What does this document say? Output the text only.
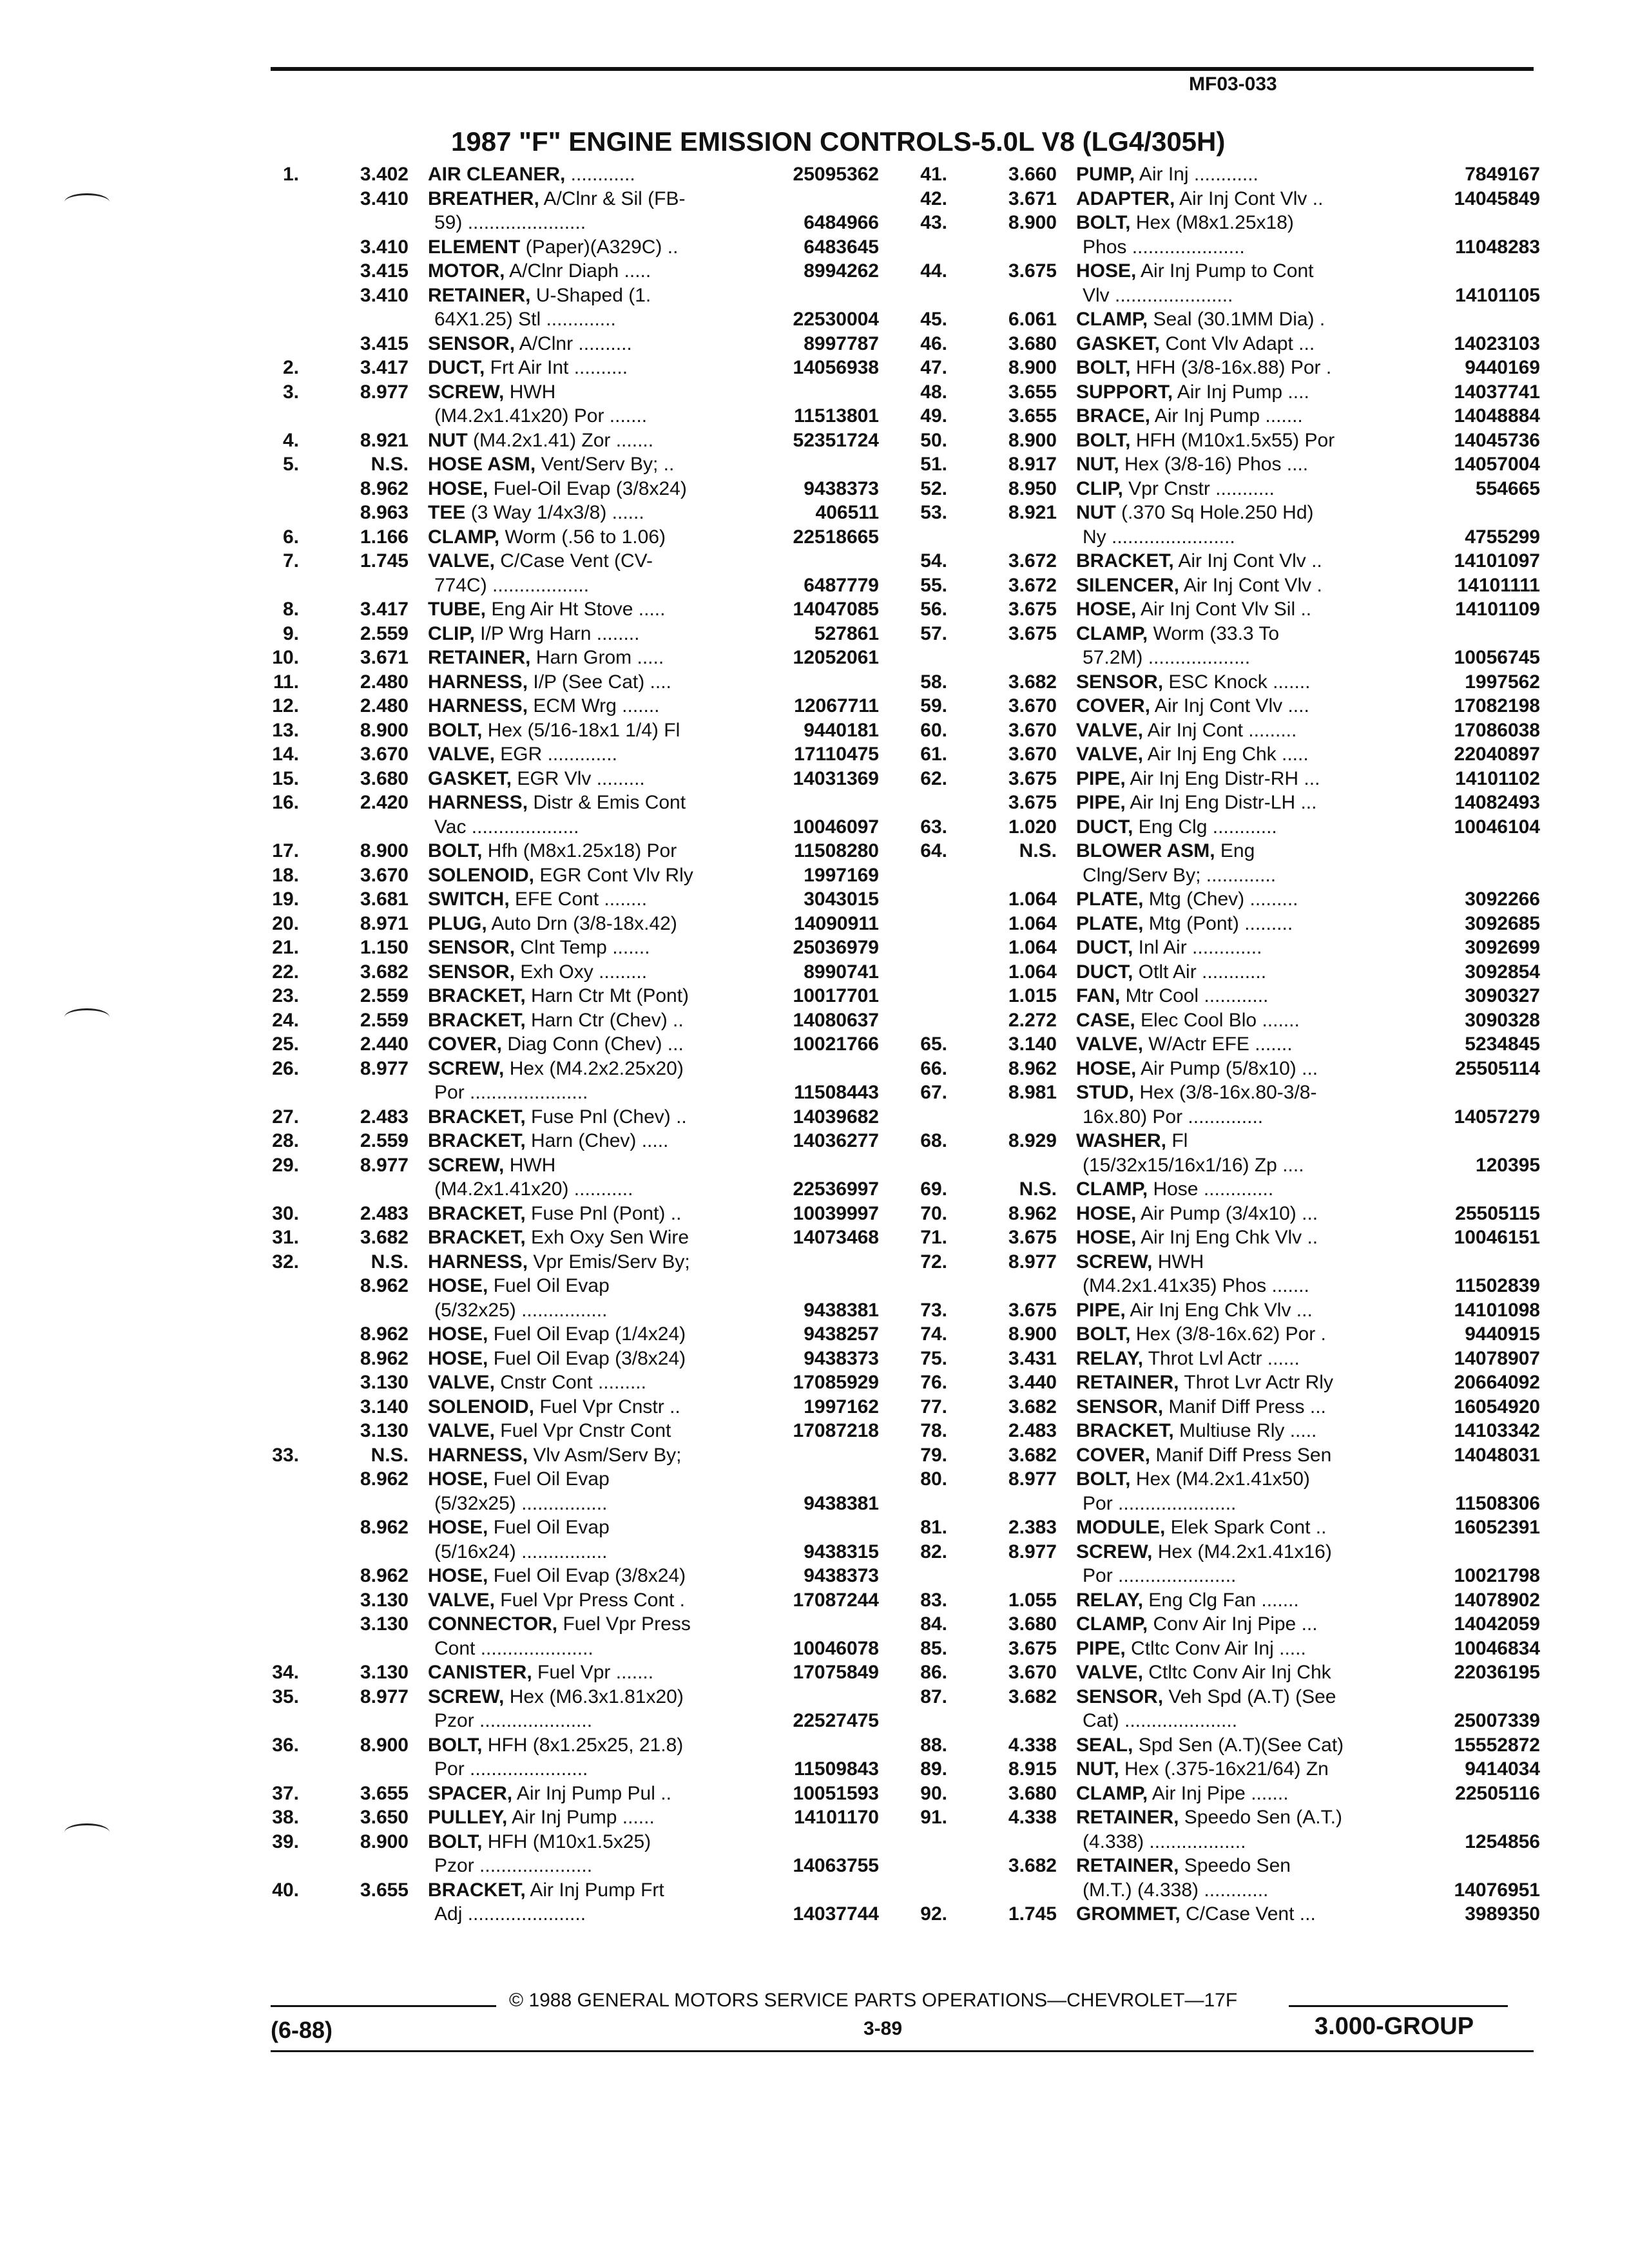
MF03-033
1987 "F" ENGINE EMISSION CONTROLS-5.0L V8 (LG4/305H)
1.	3.402 AIR CLEANER, ............	25095362
3.410 BREATHER, A/Clnr & Sil (FB-
59) ......................	6484966
3.410 ELEMENT (Paper)(A329C) ..	6483645
3.415 MOTOR, A/Clnr Diaph .....	8994262
3.410 RETAINER, U-Shaped (1.
64X1.25) Stl .............	22530004
3.415 SENSOR, A/Clnr ..........	8997787
2.	3.417 DUCT, Frt Air Int ..........	14056938
3.	8.977 SCREW, HWH
(M4.2x1.41x20) Por .......	11513801
4.	8.921 NUT (M4.2x1.41) Zor .......	52351724
5.	N.S. HOSE ASM, Vent/Serv By; ..
8.962 HOSE, Fuel-Oil Evap (3/8x24)	9438373
8.963 TEE (3 Way 1/4x3/8) ......	406511
6.	1.166 CLAMP, Worm (.56 to 1.06)	22518665
7.	1.745 VALVE, C/Case Vent (CV-
774C) ..................	6487779
8.	3.417 TUBE, Eng Air Ht Stove .....	14047085
9.	2.559 CLIP, I/P Wrg Harn ........	527861
10.	3.671 RETAINER, Harn Grom .....	12052061
11.	2.480 HARNESS, I/P (See Cat) ....
12.	2.480 HARNESS, ECM Wrg .......	12067711
13.	8.900 BOLT, Hex (5/16-18x1 1/4) Fl	9440181
14.	3.670 VALVE, EGR .............	17110475
15.	3.680 GASKET, EGR Vlv .........	14031369
16.	2.420 HARNESS, Distr & Emis Cont
Vac ....................	10046097
17.	8.900 BOLT, Hfh (M8x1.25x18) Por	11508280
18.	3.670 SOLENOID, EGR Cont Vlv Rly	1997169
19.	3.681 SWITCH, EFE Cont ........	3043015
20.	8.971 PLUG, Auto Drn (3/8-18x.42)	14090911
21.	1.150 SENSOR, Clnt Temp .......	25036979
22.	3.682 SENSOR, Exh Oxy .........	8990741
23.	2.559 BRACKET, Harn Ctr Mt (Pont)	10017701
24.	2.559 BRACKET, Harn Ctr (Chev) ..	14080637
25.	2.440 COVER, Diag Conn (Chev) ...	10021766
26.	8.977 SCREW, Hex (M4.2x2.25x20)
Por ......................	11508443
27.	2.483 BRACKET, Fuse Pnl (Chev) ..	14039682
28.	2.559 BRACKET, Harn (Chev) .....	14036277
29.	8.977 SCREW, HWH
(M4.2x1.41x20) ...........	22536997
30.	2.483 BRACKET, Fuse Pnl (Pont) ..	10039997
31.	3.682 BRACKET, Exh Oxy Sen Wire	14073468
32.	N.S. HARNESS, Vpr Emis/Serv By;
8.962 HOSE, Fuel Oil Evap
(5/32x25) ................	9438381
8.962 HOSE, Fuel Oil Evap (1/4x24)	9438257
8.962 HOSE, Fuel Oil Evap (3/8x24)	9438373
3.130 VALVE, Cnstr Cont .........	17085929
3.140 SOLENOID, Fuel Vpr Cnstr ..	1997162
3.130 VALVE, Fuel Vpr Cnstr Cont	17087218
33.	N.S. HARNESS, Vlv Asm/Serv By;
8.962 HOSE, Fuel Oil Evap
(5/32x25) ................	9438381
8.962 HOSE, Fuel Oil Evap
(5/16x24) ................	9438315
8.962 HOSE, Fuel Oil Evap (3/8x24)	9438373
3.130 VALVE, Fuel Vpr Press Cont .	17087244
3.130 CONNECTOR, Fuel Vpr Press
Cont .....................	10046078
34.	3.130 CANISTER, Fuel Vpr .......	17075849
35.	8.977 SCREW, Hex (M6.3x1.81x20)
Pzor .....................	22527475
36.	8.900 BOLT, HFH (8x1.25x25, 21.8)
Por ......................	11509843
37.	3.655 SPACER, Air Inj Pump Pul ..	10051593
38.	3.650 PULLEY, Air Inj Pump ......	14101170
39.	8.900 BOLT, HFH (M10x1.5x25)
Pzor .....................	14063755
40.	3.655 BRACKET, Air Inj Pump Frt
Adj ......................	14037744
41.	3.660 PUMP, Air Inj ............	7849167
42.	3.671 ADAPTER, Air Inj Cont Vlv ..	14045849
43.	8.900 BOLT, Hex (M8x1.25x18)
Phos .....................	11048283
44.	3.675 HOSE, Air Inj Pump to Cont
Vlv ......................	14101105
45.	6.061 CLAMP, Seal (30.1MM Dia) .
46.	3.680 GASKET, Cont Vlv Adapt ...	14023103
47.	8.900 BOLT, HFH (3/8-16x.88) Por .	9440169
48.	3.655 SUPPORT, Air Inj Pump ....	14037741
49.	3.655 BRACE, Air Inj Pump .......	14048884
50.	8.900 BOLT, HFH (M10x1.5x55) Por	14045736
51.	8.917 NUT, Hex (3/8-16) Phos ....	14057004
52.	8.950 CLIP, Vpr Cnstr ...........	554665
53.	8.921 NUT (.370 Sq Hole.250 Hd)
Ny .......................	4755299
54.	3.672 BRACKET, Air Inj Cont Vlv ..	14101097
55.	3.672 SILENCER, Air Inj Cont Vlv .	14101111
56.	3.675 HOSE, Air Inj Cont Vlv Sil ..	14101109
57.	3.675 CLAMP, Worm (33.3 To
57.2M) ...................	10056745
58.	3.682 SENSOR, ESC Knock .......	1997562
59.	3.670 COVER, Air Inj Cont Vlv ....	17082198
60.	3.670 VALVE, Air Inj Cont .........	17086038
61.	3.670 VALVE, Air Inj Eng Chk .....	22040897
62.	3.675 PIPE, Air Inj Eng Distr-RH ...	14101102
3.675 PIPE, Air Inj Eng Distr-LH ...	14082493
63.	1.020 DUCT, Eng Clg ............	10046104
64.	N.S. BLOWER ASM, Eng
Clng/Serv By; .............
1.064 PLATE, Mtg (Chev) .........	3092266
1.064 PLATE, Mtg (Pont) .........	3092685
1.064 DUCT, Inl Air .............	3092699
1.064 DUCT, Otlt Air ............	3092854
1.015 FAN, Mtr Cool ............	3090327
2.272 CASE, Elec Cool Blo .......	3090328
65.	3.140 VALVE, W/Actr EFE .......	5234845
66.	8.962 HOSE, Air Pump (5/8x10) ...	25505114
67.	8.981 STUD, Hex (3/8-16x.80-3/8-
16x.80) Por ..............	14057279
68.	8.929 WASHER, Fl
(15/32x15/16x1/16) Zp ....	120395
69.	N.S. CLAMP, Hose .............
70.	8.962 HOSE, Air Pump (3/4x10) ...	25505115
71.	3.675 HOSE, Air Inj Eng Chk Vlv ..	10046151
72.	8.977 SCREW, HWH
(M4.2x1.41x35) Phos .......	11502839
73.	3.675 PIPE, Air Inj Eng Chk Vlv ...	14101098
74.	8.900 BOLT, Hex (3/8-16x.62) Por .	9440915
75.	3.431 RELAY, Throt Lvl Actr ......	14078907
76.	3.440 RETAINER, Throt Lvr Actr Rly	20664092
77.	3.682 SENSOR, Manif Diff Press ...	16054920
78.	2.483 BRACKET, Multiuse Rly .....	14103342
79.	3.682 COVER, Manif Diff Press Sen	14048031
80.	8.977 BOLT, Hex (M4.2x1.41x50)
Por ......................	11508306
81.	2.383 MODULE, Elek Spark Cont ..	16052391
82.	8.977 SCREW, Hex (M4.2x1.41x16)
Por ......................	10021798
83.	1.055 RELAY, Eng Clg Fan .......	14078902
84.	3.680 CLAMP, Conv Air Inj Pipe ...	14042059
85.	3.675 PIPE, Ctltc Conv Air Inj .....	10046834
86.	3.670 VALVE, Ctltc Conv Air Inj Chk	22036195
87.	3.682 SENSOR, Veh Spd (A.T) (See
Cat) .....................	25007339
88.	4.338 SEAL, Spd Sen (A.T)(See Cat)	15552872
89.	8.915 NUT, Hex (.375-16x21/64) Zn	9414034
90.	3.680 CLAMP, Air Inj Pipe .......	22505116
91.	4.338 RETAINER, Speedo Sen (A.T.)
(4.338) ..................	1254856
3.682 RETAINER, Speedo Sen
(M.T.) (4.338) ............	14076951
92.	1.745 GROMMET, C/Case Vent ...	3989350
© 1988 GENERAL MOTORS SERVICE PARTS OPERATIONS—CHEVROLET—17F
(6-88)	3-89	3.000-GROUP
